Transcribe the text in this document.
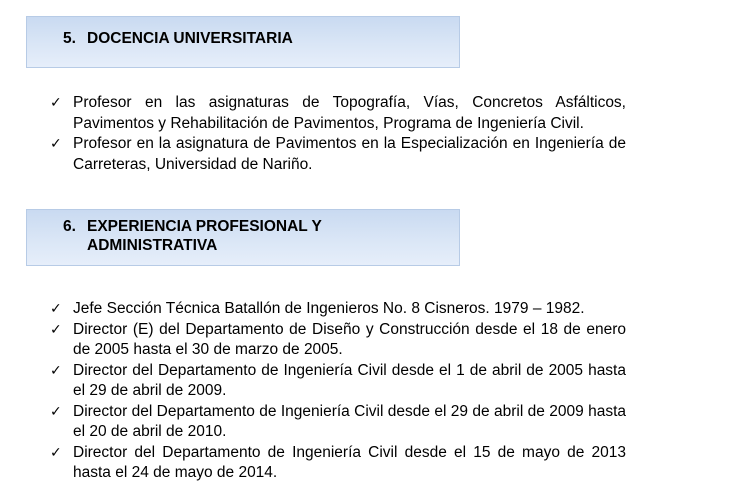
5. DOCENCIA UNIVERSITARIA
✓ Profesor en las asignaturas de Topografía, Vías, Concretos Asfálticos, Pavimentos y Rehabilitación de Pavimentos, Programa de Ingeniería Civil.
✓ Profesor en la asignatura de Pavimentos en la Especialización en Ingeniería de Carreteras, Universidad de Nariño.
6. EXPERIENCIA PROFESIONAL Y
ADMINISTRATIVA
✓ Jefe Sección Técnica Batallón de Ingenieros No. 8 Cisneros. 1979 – 1982.
✓ Director (E) del Departamento de Diseño y Construcción desde el 18 de enero de 2005 hasta el 30 de marzo de 2005.
✓ Director del Departamento de Ingeniería Civil desde el 1 de abril de 2005 hasta el 29 de abril de 2009.
✓ Director del Departamento de Ingeniería Civil desde el 29 de abril de 2009 hasta el 20 de abril de 2010.
✓ Director del Departamento de Ingeniería Civil desde el 15 de mayo de 2013 hasta el 24 de mayo de 2014.
